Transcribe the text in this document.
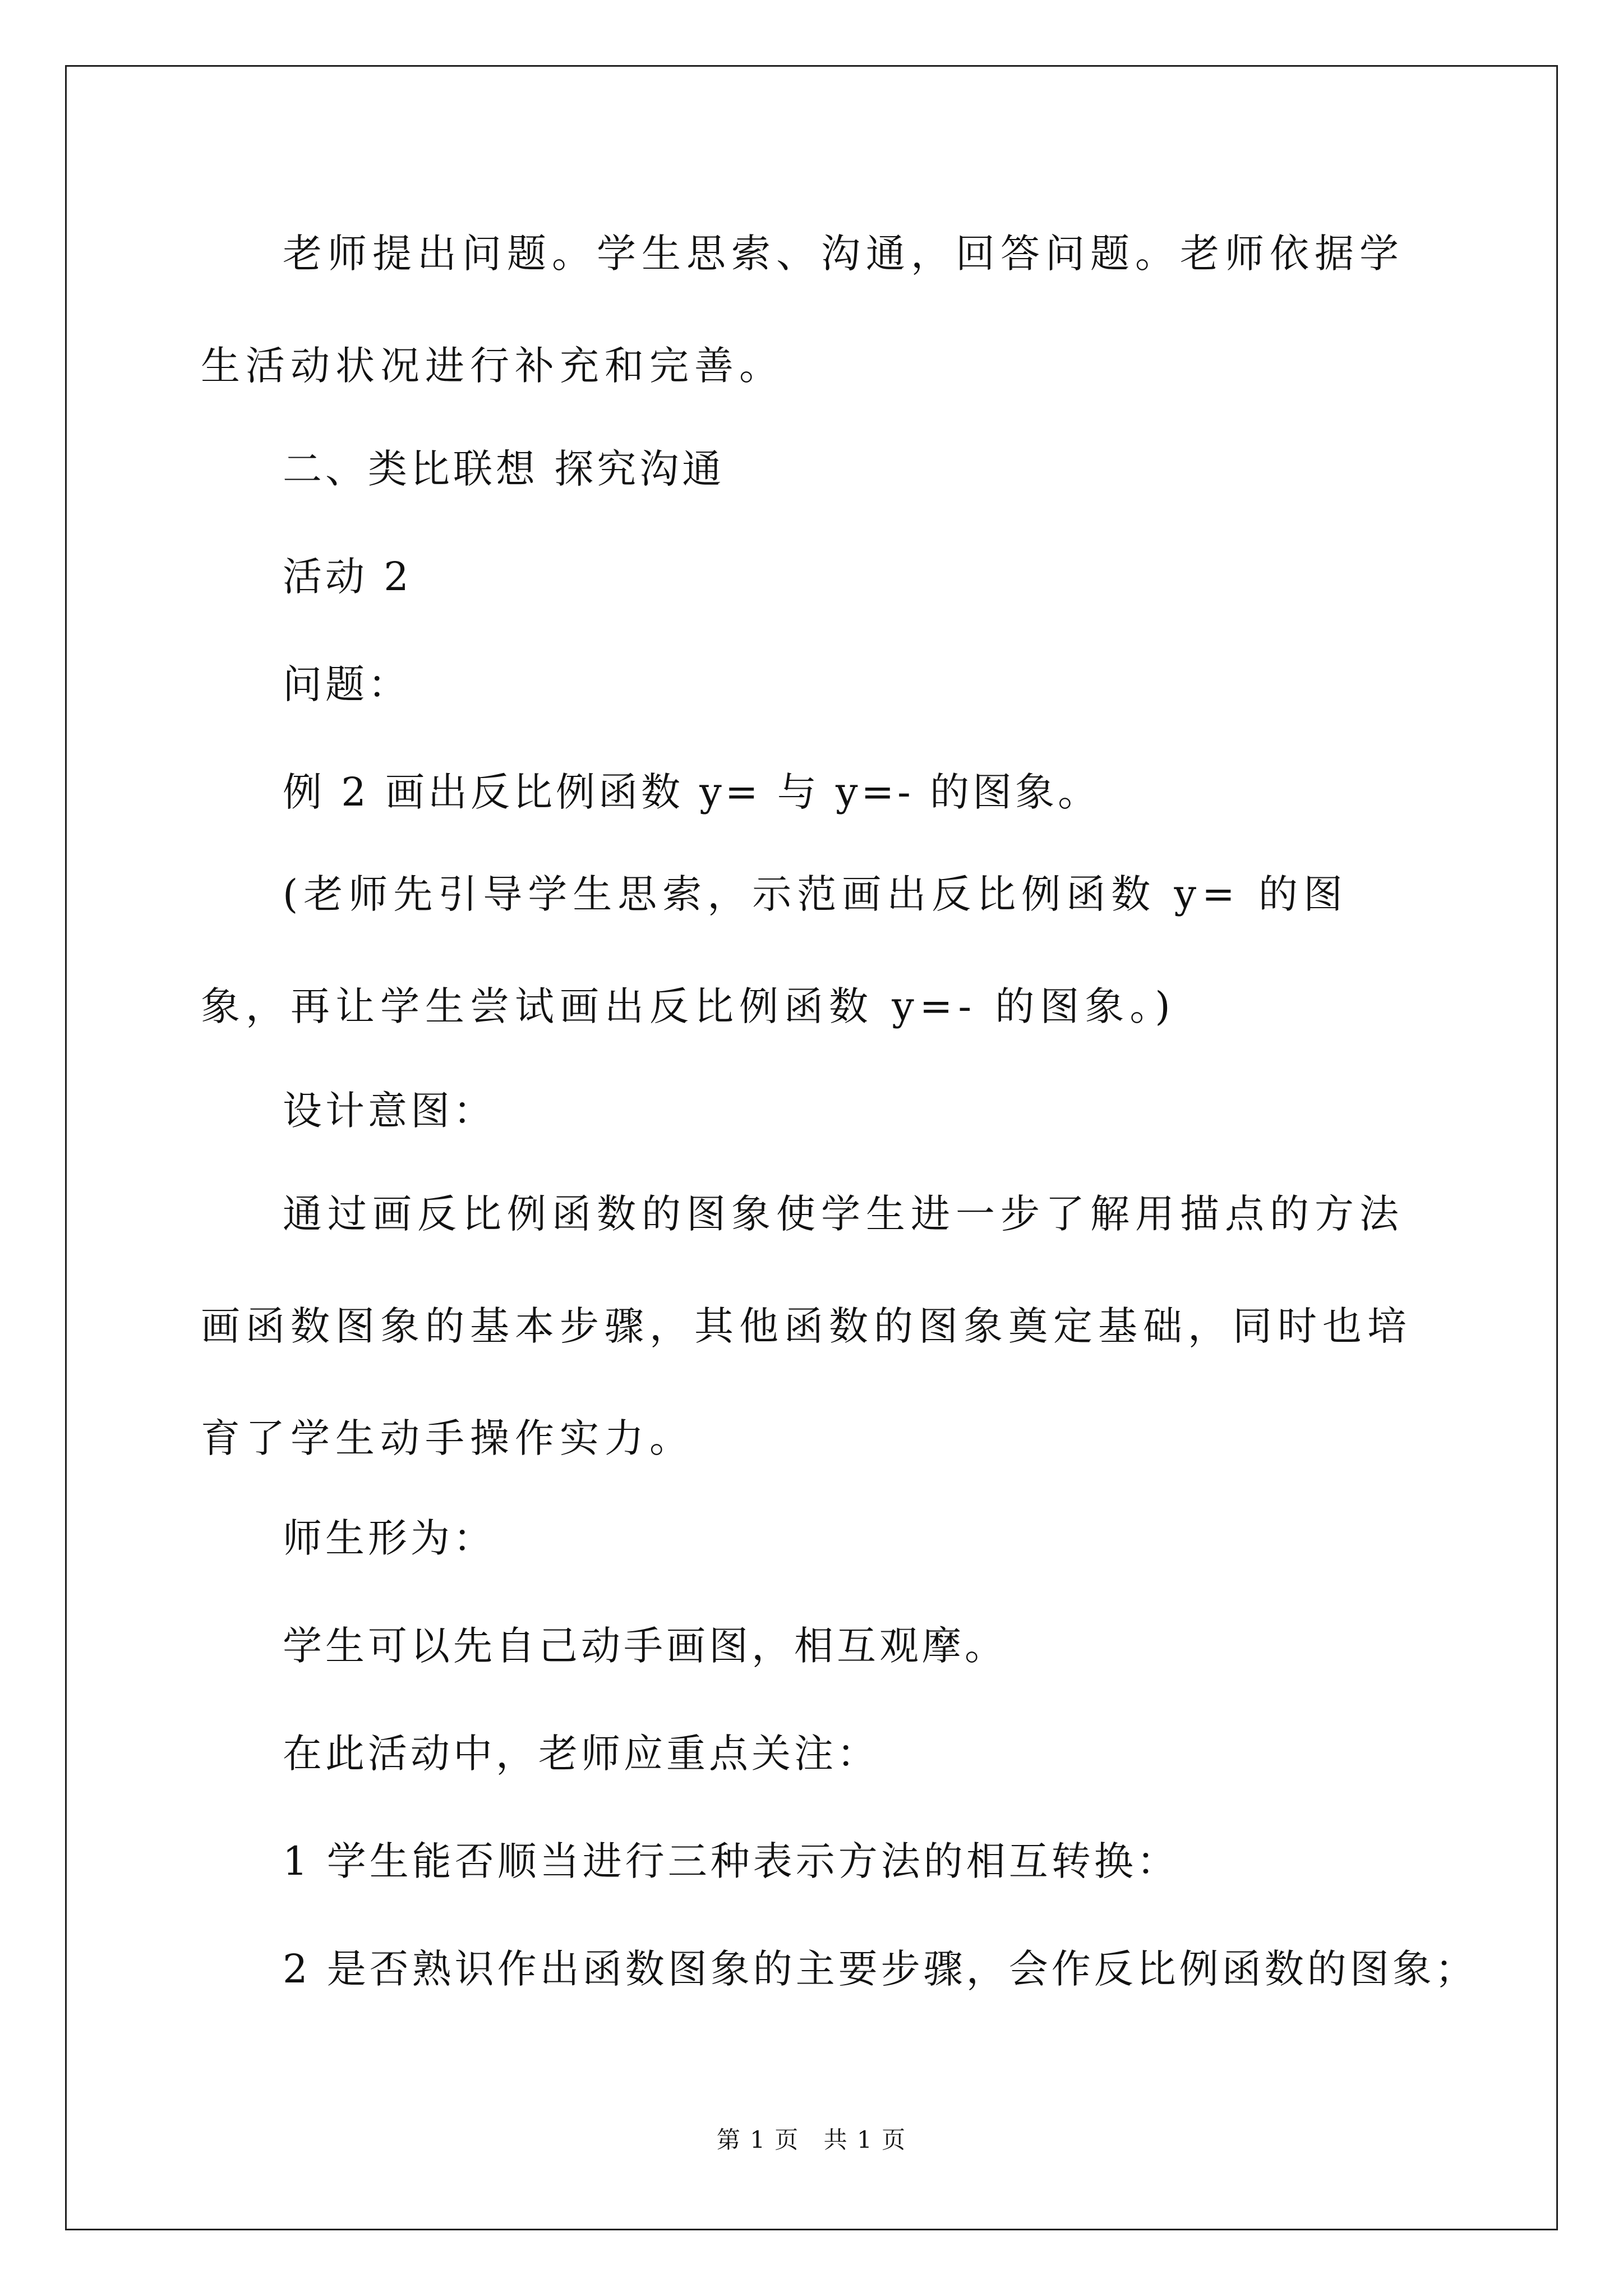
老师提出问题。学生思索、沟通，回答问题。老师依据学生活动状况进行补充和完善。

二、类比联想 探究沟通

活动 2

问题：

例 2 画出反比例函数 y= 与 y=- 的图象。

(老师先引导学生思索，示范画出反比例函数 y= 的图象，再让学生尝试画出反比例函数 y=- 的图象。)

设计意图：

通过画反比例函数的图象使学生进一步了解用描点的方法画函数图象的基本步骤，其他函数的图象奠定基础，同时也培育了学生动手操作实力。

师生形为：

学生可以先自己动手画图，相互观摩。

在此活动中，老师应重点关注：

1 学生能否顺当进行三种表示方法的相互转换：

2 是否熟识作出函数图象的主要步骤，会作反比例函数的图象；

第 1 页 共 1 页
